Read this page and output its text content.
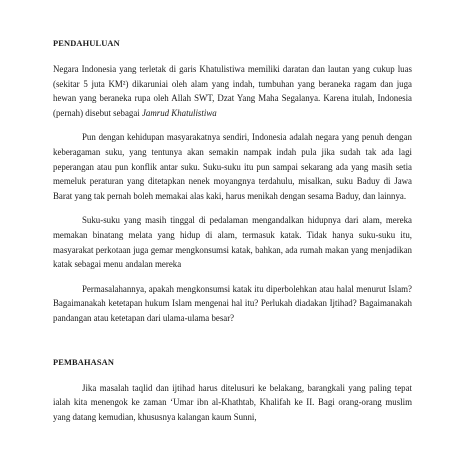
PENDAHULUAN

Negara Indonesia yang terletak di garis Khatulistiwa memiliki daratan dan lautan yang cukup luas (sekitar 5 juta KM²) dikaruniai oleh alam yang indah, tumbuhan yang beraneka ragam dan juga hewan yang beraneka rupa oleh Allah SWT, Dzat Yang Maha Segalanya. Karena itulah, Indonesia (pernah) disebut sebagai Jamrud Khatulistiwa

Pun dengan kehidupan masyarakatnya sendiri, Indonesia adalah negara yang penuh dengan keberagaman suku, yang tentunya akan semakin nampak indah pula jika sudah tak ada lagi peperangan atau pun konflik antar suku. Suku-suku itu pun sampai sekarang ada yang masih setia memeluk peraturan yang ditetapkan nenek moyangnya terdahulu, misalkan, suku Baduy di Jawa Barat yang tak pernah boleh memakai alas kaki, harus menikah dengan sesama Baduy, dan lainnya.

Suku-suku yang masih tinggal di pedalaman mengandalkan hidupnya dari alam, mereka memakan binatang melata yang hidup di alam, termasuk katak. Tidak hanya suku-suku itu, masyarakat perkotaan juga gemar mengkonsumsi katak, bahkan, ada rumah makan yang menjadikan katak sebagai menu andalan mereka

Permasalahannya, apakah mengkonsumsi katak itu diperbolehkan atau halal menurut Islam? Bagaimanakah ketetapan hukum Islam mengenai hal itu? Perlukah diadakan Ijtihad? Bagaimanakah pandangan atau ketetapan dari ulama-ulama besar?

PEMBAHASAN

Jika masalah taqlid dan ijtihad harus ditelusuri ke belakang, barangkali yang paling tepat ialah kita menengok ke zaman ‘Umar ibn al-Khathtab, Khalifah ke II. Bagi orang-orang muslim yang datang kemudian, khususnya kalangan kaum Sunni,
